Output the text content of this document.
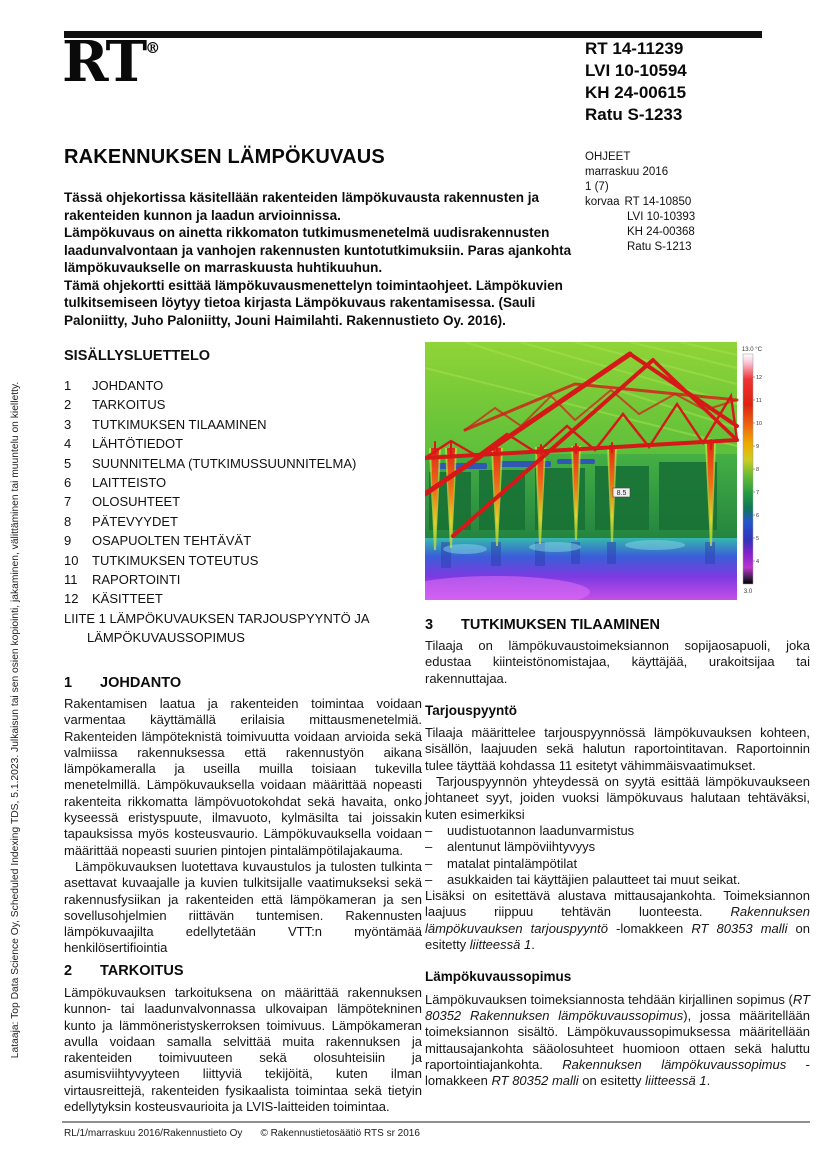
Lataaja: Top Data Science Oy, Scheduled Indexing TDS, 5.1.2023. Julkaisun tai sen osien kopiointi, jakaminen, välittäminen tai muuntelu on kielletty.
RT®	RT 14-11239
LVI 10-10594
KH 24-00615
Ratu S-1233
RAKENNUKSEN LÄMPÖKUVAUS	OHJEET
marraskuu 2016
1 (7)
korvaa RT 14-10850
LVI 10-10393
KH 24-00368
Ratu S-1213

Tässä ohjekortissa käsitellään rakenteiden lämpökuvausta rakennusten ja rakenteiden kunnon ja laadun arvioinnissa.

Lämpökuvaus on ainetta rikkomaton tutkimusmenetelmä uudisrakennusten laadunvalvontaan ja vanhojen rakennusten kuntotutkimuksiin. Paras ajankohta lämpökuvaukselle on marraskuusta huhtikuuhun.

Tämä ohjekortti esittää lämpökuvausmenettelyn toimintaohjeet. Lämpökuvien tulkitsemiseen löytyy tietoa kirjasta Lämpökuvaus rakentamisessa. (Sauli Paloniitty, Juho Paloniitty, Jouni Haimilahti. Rakennustieto Oy. 2016).

SISÄLLYSLUETTELO
1 JOHDANTO
2 TARKOITUS
3 TUTKIMUKSEN TILAAMINEN
4 LÄHTÖTIEDOT
5 SUUNNITELMA (TUTKIMUSSUUNNITELMA)
6 LAITTEISTO
7 OLOSUHTEET
8 PÄTEVYYDET
9 OSAPUOLTEN TEHTÄVÄT
10 TUTKIMUKSEN TOTEUTUS
11 RAPORTOINTI
12 KÄSITTEET
LIITE 1 LÄMPÖKUVAUKSEN TARJOUSPYYNTÖ JA
LÄMPÖKUVAUSSOPIMUS
8.5
13.0 °C
12
11
10
9
8
7
6
5
4
3.0
1 JOHDANTO

Rakentamisen laatua ja rakenteiden toimintaa voidaan varmentaa käyttämällä erilaisia mittausmenetelmiä. Rakenteiden lämpöteknistä toimivuutta voidaan arvioida sekä valmiissa rakennuksessa että rakennustyön aikana lämpökameralla ja useilla muilla toisiaan tukevilla menetelmillä. Lämpökuvauksella voidaan määrittää nopeasti rakenteita rikkomatta lämpövuotokohdat sekä havaita, onko kyseessä eristyspuute, ilmavuoto, kylmäsilta tai joissakin tapauksissa myös kosteusvaurio. Lämpökuvauksella voidaan määrittää nopeasti suurien pintojen pintalämpötilajakauma.

Lämpökuvauksen luotettava kuvaustulos ja tulosten tulkinta asettavat kuvaajalle ja kuvien tulkitsijalle vaatimukseksi sekä rakennusfysiikan ja rakenteiden että lämpökameran ja sen sovellusohjelmien riittävän tuntemisen. Rakennusten lämpökuvaajilta edellytetään VTT:n myöntämää henkilösertifiointia

2 TARKOITUS

Lämpökuvauksen tarkoituksena on määrittää rakennuksen kunnon- tai laadunvalvonnassa ulkovaipan lämpötekninen kunto ja lämmöneristyskerroksen toimivuus. Lämpökameran avulla voidaan samalla selvittää muita rakennuksen ja rakenteiden toimivuuteen sekä olosuhteisiin ja asumisviihtyvyyteen liittyviä tekijöitä, kuten ilman virtausreittejä, rakenteiden fysikaalista toimintaa sekä tietyin edellytyksin kosteusvaurioita ja LVIS-laitteiden toimintaa.

3 TUTKIMUKSEN TILAAMINEN

Tilaaja on lämpökuvaustoimeksiannon sopijaosapuoli, joka edustaa kiinteistönomistajaa, käyttäjää, urakoitsijaa tai rakennuttajaa.

Tarjouspyyntö

Tilaaja määrittelee tarjouspyynnössä lämpökuvauksen kohteen, sisällön, laajuuden sekä halutun raportointitavan. Raportoinnin tulee täyttää kohdassa 11 esitetyt vähimmäisvaatimukset.

Tarjouspyynnön yhteydessä on syytä esittää lämpökuvaukseen johtaneet syyt, joiden vuoksi lämpökuvaus halutaan tehtäväksi, kuten esimerkiksi

– uudistuotannon laadunvarmistus
– alentunut lämpöviihtyvyys
– matalat pintalämpötilat
– asukkaiden tai käyttäjien palautteet tai muut seikat.

Lisäksi on esitettävä alustava mittausajankohta. Toimeksiannon laajuus riippuu tehtävän luonteesta. Rakennuksen lämpökuvauksen tarjouspyyntö -lomakkeen RT 80353 malli on esitetty liitteessä 1.

Lämpökuvaussopimus

Lämpökuvauksen toimeksiannosta tehdään kirjallinen sopimus (RT 80352 Rakennuksen lämpökuvaussopimus), jossa määritellään toimeksiannon sisältö. Lämpökuvaussopimuksessa määritellään mittausajankohta sääolosuhteet huomioon ottaen sekä haluttu raportointiajankohta. Rakennuksen lämpökuvaussopimus -lomakkeen RT 80352 malli on esitetty liitteessä 1.

RL/1/marraskuu 2016/Rakennustieto Oy © Rakennustietosäätiö RTS sr 2016
